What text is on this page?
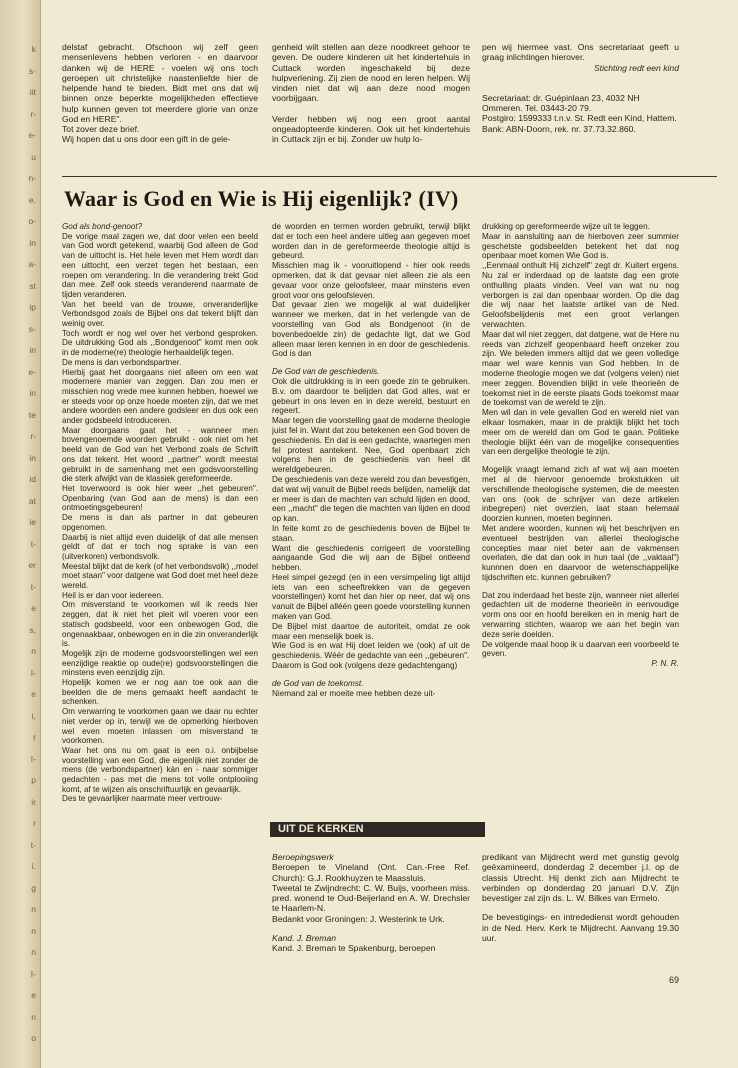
k
s-
iit
r-
e-
u
n-
e.
o-
in
a-
st
ip
s-
in
e-
in
te
r-
in
id
at
ie
t-
er
t-
e
s,
n
I-
e
i,
r
I-
p
ir
r
t-
i.
g
n
n
n
I-
e
n
o

delstaf gebracht. Ofschoon wij zelf geen mensenlevens hebben verloren - en daarvoor danken wij de HERE - voelen wij ons toch geroepen uit christelijke naastenliefde hier de helpende hand te bieden. Bidt met ons dat wij binnen onze beperkte mogelijkheden effectieve hulp kunnen geven tot meerdere glorie van onze God en HERE".

Tot zover deze brief.

Wij hopen dat u ons door een gift in de gele-

genheid wilt stellen aan deze noodkreet gehoor te geven. De oudere kinderen uit het kindertehuis in Cuttack worden ingeschakeld bij deze hulpverlening. Zij zien de nood en leren helpen. Wij vinden niet dat wij aan deze nood mogen voorbijgaan.

Verder hebben wij nog een groot aantal ongeadopteerde kinderen. Ook uit het kindertehuis in Cuttack zijn er bij. Zonder uw hulp lo-

pen wij hiermee vast. Ons secretariaat geeft u graag inlichtingen hierover.

Stichting redt een kind

Secretariaat: dr. Guépinlaan 23, 4032 NH Ommeren. Tel. 03443-20 79.

Postgiro: 1599333 t.n.v. St. Redt een Kind, Hattem.

Bank: ABN-Doorn, rek. nr. 37.73.32.860.

Waar is God en Wie is Hij eigenlijk? (IV)

God als bond-genoot?

De vorige maal zagen we, dat door velen een beeld van God wordt getekend, waarbij God alleen de God van de uittocht is. Het hele leven met Hem wordt dan een uittocht, een verzet tegen het bestaan, een roepen om verandering. In die verandering trekt God dan mee. Zelf ook steeds veranderend naarmate de tijden veranderen.

Van het beeld van de trouwe, onveranderlijke Verbondsgod zoals de Bijbel ons dat tekent blijft dan weinig over.

Toch wordt er nog wel over het verbond gesproken. De uitdrukking God als ,,Bondgenoot" komt men ook in de moderne(re) theologie herhaaldelijk tegen.

De mens is dan verbondspartner.

Hierbij gaat het doorgaans niet alleen om een wat modernere manier van zeggen. Dan zou men er misschien nog vrede mee kunnen hebben, hoewel we er steeds voor op onze hoede moeten zijn, dat we met andere woorden een andere godsleer en dus ook een ander godsbeeld introduceren.

Maar doorgaans gaat het - wanneer men bovengenoemde woorden gebruikt - ook niet om het beeld van de God van het Verbond zoals de Schrift ons dat tekent. Het woord ,,partner" wordt meestal gebruikt in de samenhang met een godsvoorstelling die sterk afwijkt van de klassiek gereformeerde.

Het toverwoord is ook hier weer ,,het gebeuren". Openbaring (van God aan de mens) is dan een ontmoetingsgebeuren!

De mens is dan als partner in dat gebeuren opgenomen.

Daarbij is niet altijd even duidelijk of dat alle mensen geldt of dat er toch nog sprake is van een (uitverkoren) verbondsvolk.

Meestal blijkt dat de kerk (of het verbondsvolk) ,,model moet staan" voor datgene wat God doet met heel deze wereld.

Heil is er dan voor iedereen.

Om misverstand te voorkomen wil ik reeds hier zeggen, dat ik niet het pleit wil voeren voor een statisch godsbeeld, voor een onbewogen God, die ongenaakbaar, onbewogen en in die zin onveranderlijk is.

Mogelijk zijn de moderne godsvoorstellingen wel een eenzijdige reaktie op oude(re) godsvoorstellingen die minstens even eenzijdig zijn.

Hopelijk komen we er nog aan toe ook aan die beelden die de mens gemaakt heeft aandacht te schenken.

Om verwarring te voorkomen gaan we daar nu echter niet verder op in, terwijl we de opmerking hierboven wel even moeten inlassen om misverstand te voorkomen.

Waar het ons nu om gaat is een o.i. onbijbelse voorstelling van een God, die eigenlijk niet zonder de mens (de verbondspartner) kán en - naar sommiger gedachten - pas met die mens tot volle ontplooiing komt, af te wijzen als onschriftuurlijk en gevaarlijk.

Des te gevaarlijker naarmate meer vertrouw-

de woorden en termen worden gebruikt, terwijl blijkt dat er toch een heel andere uitleg aan gegeven moet worden dan in de gereformeerde theologie altijd is gebeurd.

Misschien mag ik - vooruitlopend - hier ook reeds opmerken, dat ik dat gevaar niet alleen zie als een gevaar voor onze geloofsleer, maar minstens even groot voor ons geloofsleven.

Dat gevaar zien we mogelijk al wat duidelijker wanneer we merken, dat in het verlengde van de voorstelling van God als Bondgenoot (in de bovenbedoelde zin) de gedachte ligt, dat we God alleen maar leren kennen in en door de geschiedenis. God is dan

De God van de geschiedenis.

Ook die uitdrukking is in een goede zin te gebruiken. B.v. om daardoor te belijden dat God alles, wat er gebeurt in ons leven en in deze wereld, bestuurt en regeert.

Maar tegen die voorstelling gaat de moderne theologie juist fel in. Want dat zou betekenen een God boven de geschiedenis. En dat is een gedachte, waartegen men fel protest aantekent. Nee, God openbaart zich volgens hen in de geschiedenis van heel dit wereldgebeuren.

De geschiedenis van deze wereld zou dan bevestigen, dat wat wij vanuit de Bijbel reeds belijden, namelijk dat er meer is dan de machten van schuld lijden en dood, een ,,macht" die tegen die machten van lijden en dood op kan.

In feite komt zo de geschiedenis boven de Bijbel te staan.

Want die geschiedenis corrigeert de voorstelling aangaande God die wij aan de Bijbel ontleend hebben.

Heel simpel gezegd (en in een versimpeling ligt altijd iets van een scheeftrekken van de gegeven voorstellingen) komt het dan hier op neer, dat wij ons vanuit de Bijbel alléén geen goede voorstelling kunnen maken van God.

De Bijbel mist daartoe de autoriteit, omdat ze ook maar een menselijk boek is.

Wie God is en wat Hij doet leiden we (ook) af uit de geschiedenis. Wéér de gedachte van een ,,gebeuren".

Daarom is God ook (volgens deze gedachtengang)

de God van de toekomst.

Niemand zal er moeite mee hebben deze uit-

drukking op gereformeerde wijze uit te leggen.

Maar in aansluiting aan de hierboven zeer summier geschetste godsbeelden betekent het dat nog openbaar moet komen Wie God is.

,,Eenmaal onthult Hij zichzelf" zegt dr. Kuitert ergens. Nu zal er inderdaad op de laatste dag een grote onthulling plaats vinden. Veel van wat nu nog verborgen is zal dan openbaar worden. Op die dag die wij naar het laatste artikel van de Ned. Geloofsbelijdenis met een groot verlangen verwachten.

Maar dat wil niet zeggen, dat datgene, wat de Here nu reeds van zichzelf geopenbaard heeft onzeker zou zijn. We beleden immers altijd dat we geen volledige maar wel ware kennis van God hebben. In de moderne theologie mogen we dat (volgens velen) niet meer zeggen. Bovendien blijkt in vele theorieën de toekomst niet in de eerste plaats Gods toekomst maar de toekomst van de wereld te zijn.

Men wil dan in vele gevallen God en wereld niet van elkaar losmaken, maar in de praktijk blijkt het toch meer om de wereld dan om God te gaan. Politieke theologie blijkt één van de mogelijke consequenties van een dergelijke theologie te zijn.

Mogelijk vraagt iemand zich af wat wij aan moeten met al de hiervoor genoemde brokstukken uit verschillende theologische systemen, die de meesten van ons (ook de schrijver van deze artikelen inbegrepen) niet overzien, laat staan helemaal doorzien kunnen, moeten beginnen.

Met andere woorden, kunnen wij het beschrijven en eventueel bestrijden van allerlei theologische concepties maar niet beter aan de vakmensen overlaten, die dat dan ook in hun taal (de ,,vaktaal") kunnnen doen en daarvoor de wetenschappelijke tijdschriften etc. kunnen gebruiken?

Dat zou inderdaad het beste zijn, wanneer niet allerlei gedachten uit de moderne theorieën in eenvoudige vorm ons oor en hoofd bereiken en in menig hart de verwarring stichten, waarop we aan het begin van deze serie doelden.

De volgende maal hoop ik u daarvan een voorbeeld te geven.

P. N. R.

UIT DE KERKEN

Beroepingswerk

Beroepen te Vineland (Ont. Can.-Free Ref. Church): G.J. Rookhuyzen te Maassluis.

Tweetal te Zwijndrecht: C. W. Buijs, voorheen miss. pred. wonend te Oud-Beijerland en A. W. Drechsler te Haarlem-N.

Bedankt voor Groningen: J. Westerink te Urk.

Kand. J. Breman

Kand. J. Breman te Spakenburg, beroepen

predikant van Mijdrecht werd met gunstig gevolg geëxamineerd, donderdag 2 december j.l. op de classis Utrecht. Hij denkt zich aan Mijdrecht te verbinden op donderdag 20 januari D.V. Zijn bevestiger zal zijn ds. L. W. Bilkes van Ermelo.

De bevestigings- en intrededienst wordt gehouden in de Ned. Herv. Kerk te Mijdrecht. Aanvang 19.30 uur.

69
